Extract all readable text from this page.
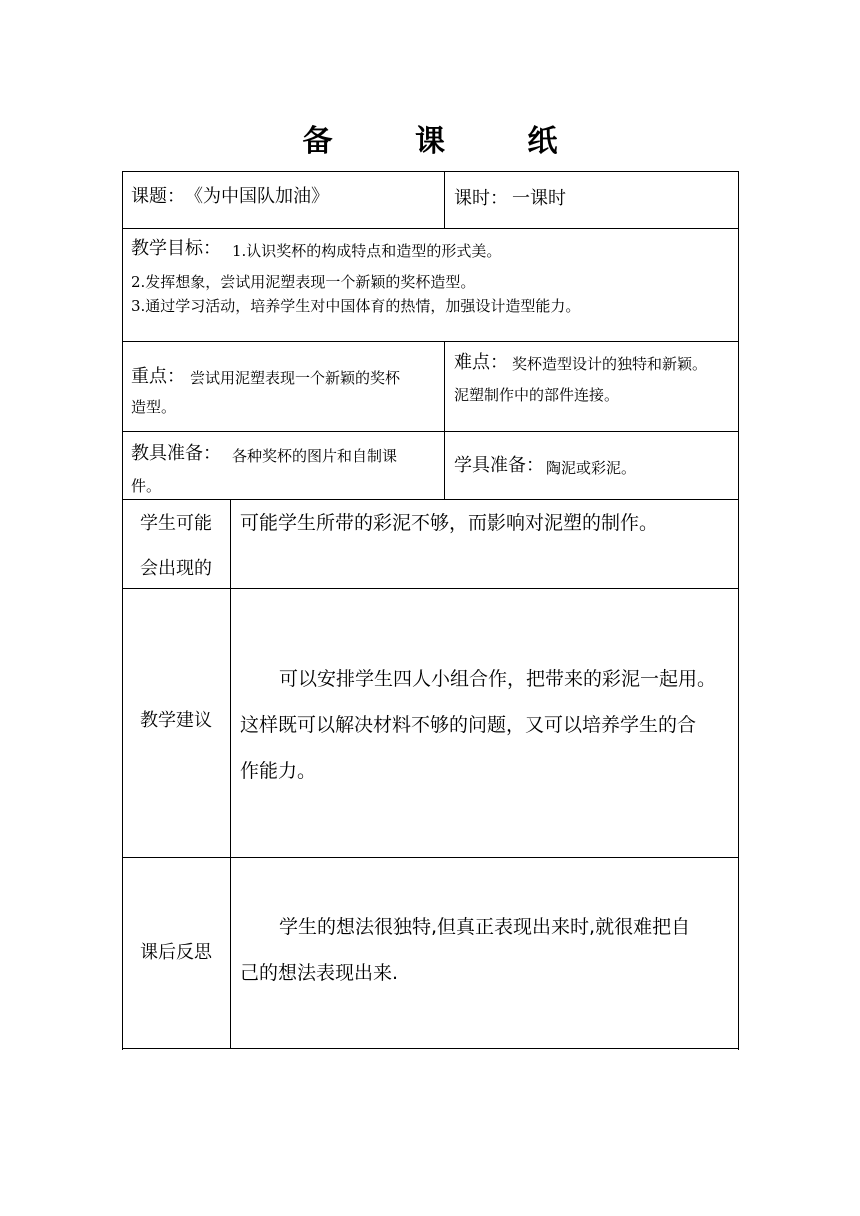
备 课 纸
课题： 《为中国队加油》	课时： 一课时
教学目标： 1.认识奖杯的构成特点和造型的形式美。
2.发挥想象，尝试用泥塑表现一个新颖的奖杯造型。
3.通过学习活动，培养学生对中国体育的热情，加强设计造型能力。
重点： 尝试用泥塑表现一个新颖的奖杯
造型。
难点： 奖杯造型设计的独特和新颖。
泥塑制作中的部件连接。
教具准备： 各种奖杯的图片和自制课
件。
学具准备： 陶泥或彩泥。
学生可能
会出现的
可能学生所带的彩泥不够，而影响对泥塑的制作。
教学建议
可以安排学生四人小组合作，把带来的彩泥一起用。
这样既可以解决材料不够的问题，又可以培养学生的合
作能力。
课后反思
学生的想法很独特,但真正表现出来时,就很难把自
己的想法表现出来.
